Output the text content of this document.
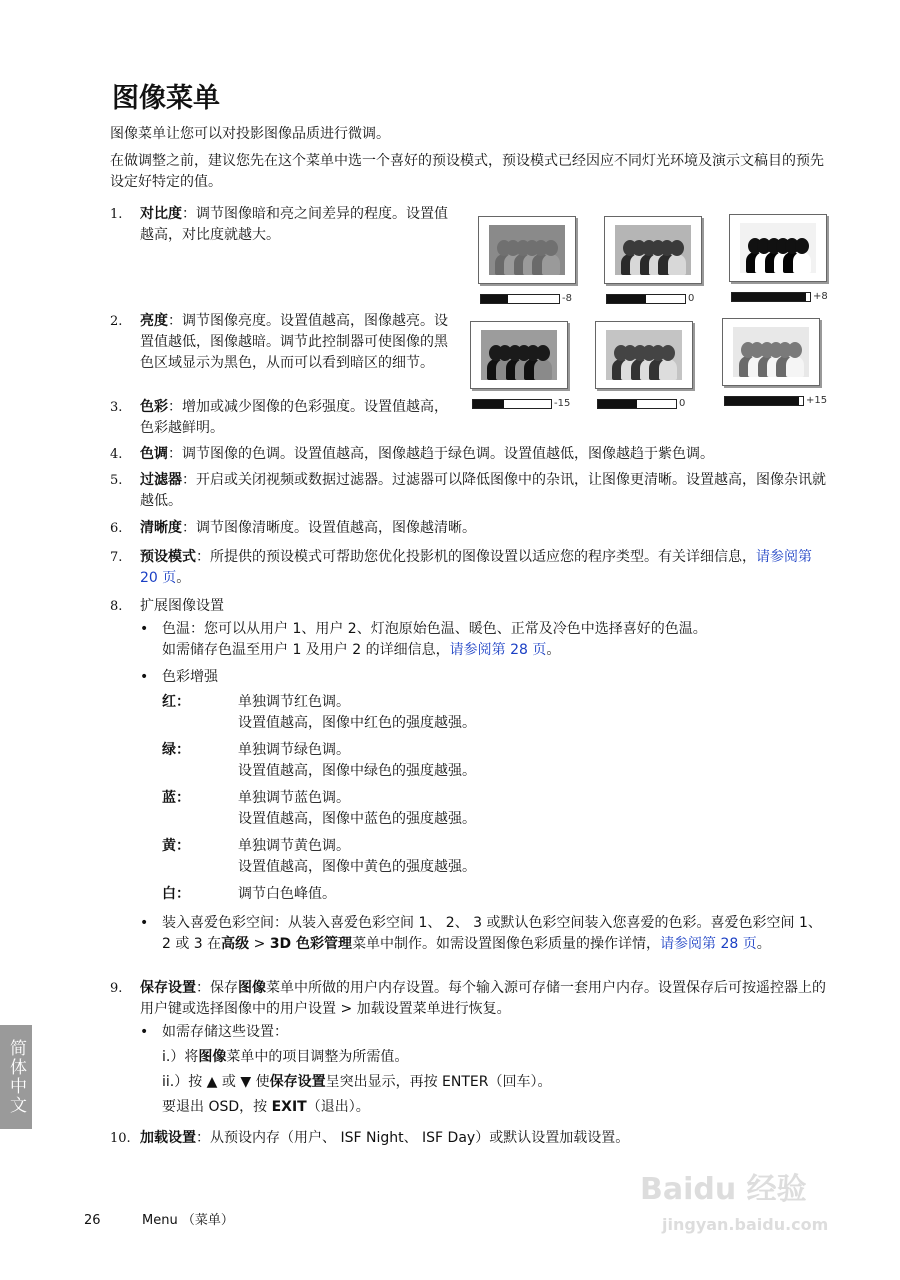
图像菜单
图像菜单让您可以对投影图像品质进行微调。
在做调整之前，建议您先在这个菜单中选一个喜好的预设模式，预设模式已经因应不同灯光环境及演示文稿目的预先设定好特定的值。
1. 对比度：调节图像暗和亮之间差异的程度。设置值越高，对比度就越大。
2. 亮度：调节图像亮度。设置值越高，图像越亮。设置值越低，图像越暗。调节此控制器可使图像的黑色区域显示为黑色，从而可以看到暗区的细节。
3. 色彩：增加或减少图像的色彩强度。设置值越高，色彩越鲜明。
4. 色调：调节图像的色调。设置值越高，图像越趋于绿色调。设置值越低，图像越趋于紫色调。
5. 过滤器：开启或关闭视频或数据过滤器。过滤器可以降低图像中的杂讯，让图像更清晰。设置越高，图像杂讯就越低。
6. 清晰度：调节图像清晰度。设置值越高，图像越清晰。
7. 预设模式：所提供的预设模式可帮助您优化投影机的图像设置以适应您的程序类型。有关详细信息，请参阅第 20 页。
8. 扩展图像设置
• 色温：您可以从用户 1、用户 2、灯泡原始色温、暖色、正常及冷色中选择喜好的色温。
如需储存色温至用户 1 及用户 2 的详细信息，请参阅第 28 页。
• 色彩增强
红：	单独调节红色调。
设置值越高，图像中红色的强度越强。
绿：	单独调节绿色调。
设置值越高，图像中绿色的强度越强。
蓝：	单独调节蓝色调。
设置值越高，图像中蓝色的强度越强。
黄：	单独调节黄色调。
设置值越高，图像中黄色的强度越强。
白：	调节白色峰值。
• 装入喜爱色彩空间：从装入喜爱色彩空间 1、 2、 3 或默认色彩空间装入您喜爱的色彩。喜爱色彩空间 1、 2 或 3 在高级 > 3D 色彩管理菜单中制作。如需设置图像色彩质量的操作详情，请参阅第 28 页。
9. 保存设置：保存图像菜单中所做的用户内存设置。每个输入源可存储一套用户内存。设置保存后可按遥控器上的用户键或选择图像中的用户设置 > 加载设置菜单进行恢复。
• 如需存储这些设置：
i.）将图像菜单中的项目调整为所需值。
ii.）按 ▲ 或 ▼ 使保存设置呈突出显示，再按 ENTER（回车）。
要退出 OSD，按 EXIT（退出）。
10. 加载设置：从预设内存（用户、 ISF Night、 ISF Day）或默认设置加载设置。
简体中文
26	Menu （菜单）
Baidu 经验
jingyan.baidu.com
-8	0	+8
-15	0	+15
